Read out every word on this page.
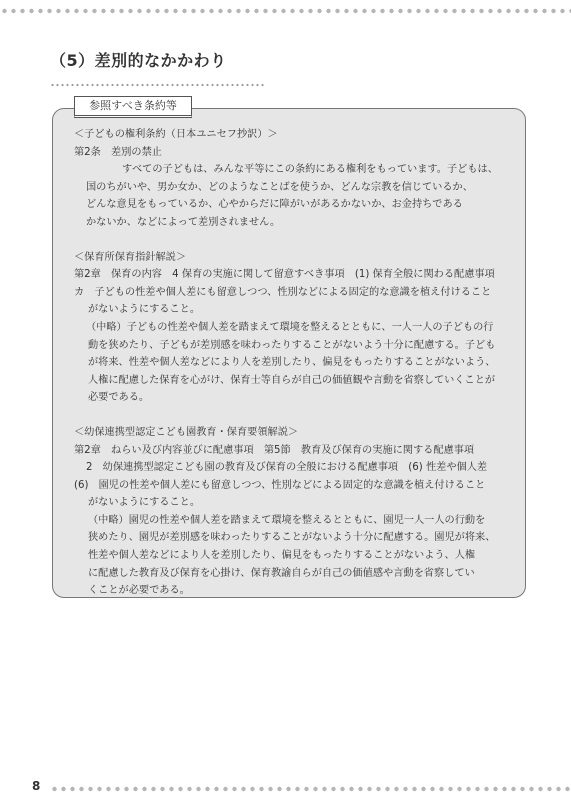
（5）差別的なかかわり
参照すべき条約等
＜子どもの権利条約（日本ユニセフ抄訳）＞
第2条　差別の禁止
すべての子どもは、みんな平等にこの条約にある権利をもっています。子どもは、
国のちがいや、男か女か、どのようなことばを使うか、どんな宗教を信じているか、
どんな意見をもっているか、心やからだに障がいがあるかないか、お金持ちである
かないか、などによって差別されません。
＜保育所保育指針解説＞
第2章　保育の内容　4 保育の実施に関して留意すべき事項　(1) 保育全般に関わる配慮事項
カ　子どもの性差や個人差にも留意しつつ、性別などによる固定的な意識を植え付けること
がないようにすること。
（中略）子どもの性差や個人差を踏まえて環境を整えるとともに、一人一人の子どもの行
動を狭めたり、子どもが差別感を味わったりすることがないよう十分に配慮する。子ども
が将来、性差や個人差などにより人を差別したり、偏見をもったりすることがないよう、
人権に配慮した保育を心がけ、保育士等自らが自己の価値観や言動を省察していくことが
必要である。
＜幼保連携型認定こども園教育・保育要領解説＞
第2章　ねらい及び内容並びに配慮事項　第5節　教育及び保育の実施に関する配慮事項
2　幼保連携型認定こども園の教育及び保育の全般における配慮事項　(6) 性差や個人差
(6)　園児の性差や個人差にも留意しつつ、性別などによる固定的な意識を植え付けること
がないようにすること。
（中略）園児の性差や個人差を踏まえて環境を整えるとともに、園児一人一人の行動を
狭めたり、園児が差別感を味わったりすることがないよう十分に配慮する。園児が将来、
性差や個人差などにより人を差別したり、偏見をもったりすることがないよう、人権
に配慮した教育及び保育を心掛け、保育教諭自らが自己の価値感や言動を省察してい
くことが必要である。
8
